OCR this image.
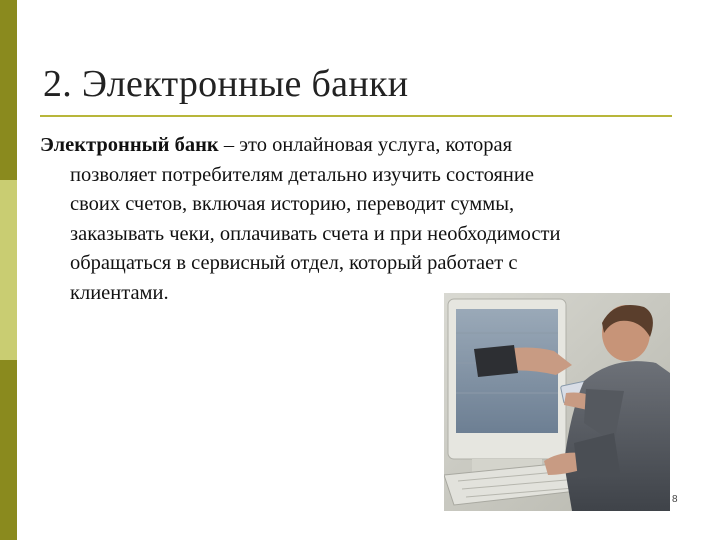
2. Электронные банки
Электронный банк – это онлайновая услуга, которая
позволяет потребителям детально изучить состояние
своих счетов, включая историю, переводит суммы,
заказывать чеки, оплачивать счета и при необходимости
обращаться в сервисный отдел, который работает с
клиентами.
8
